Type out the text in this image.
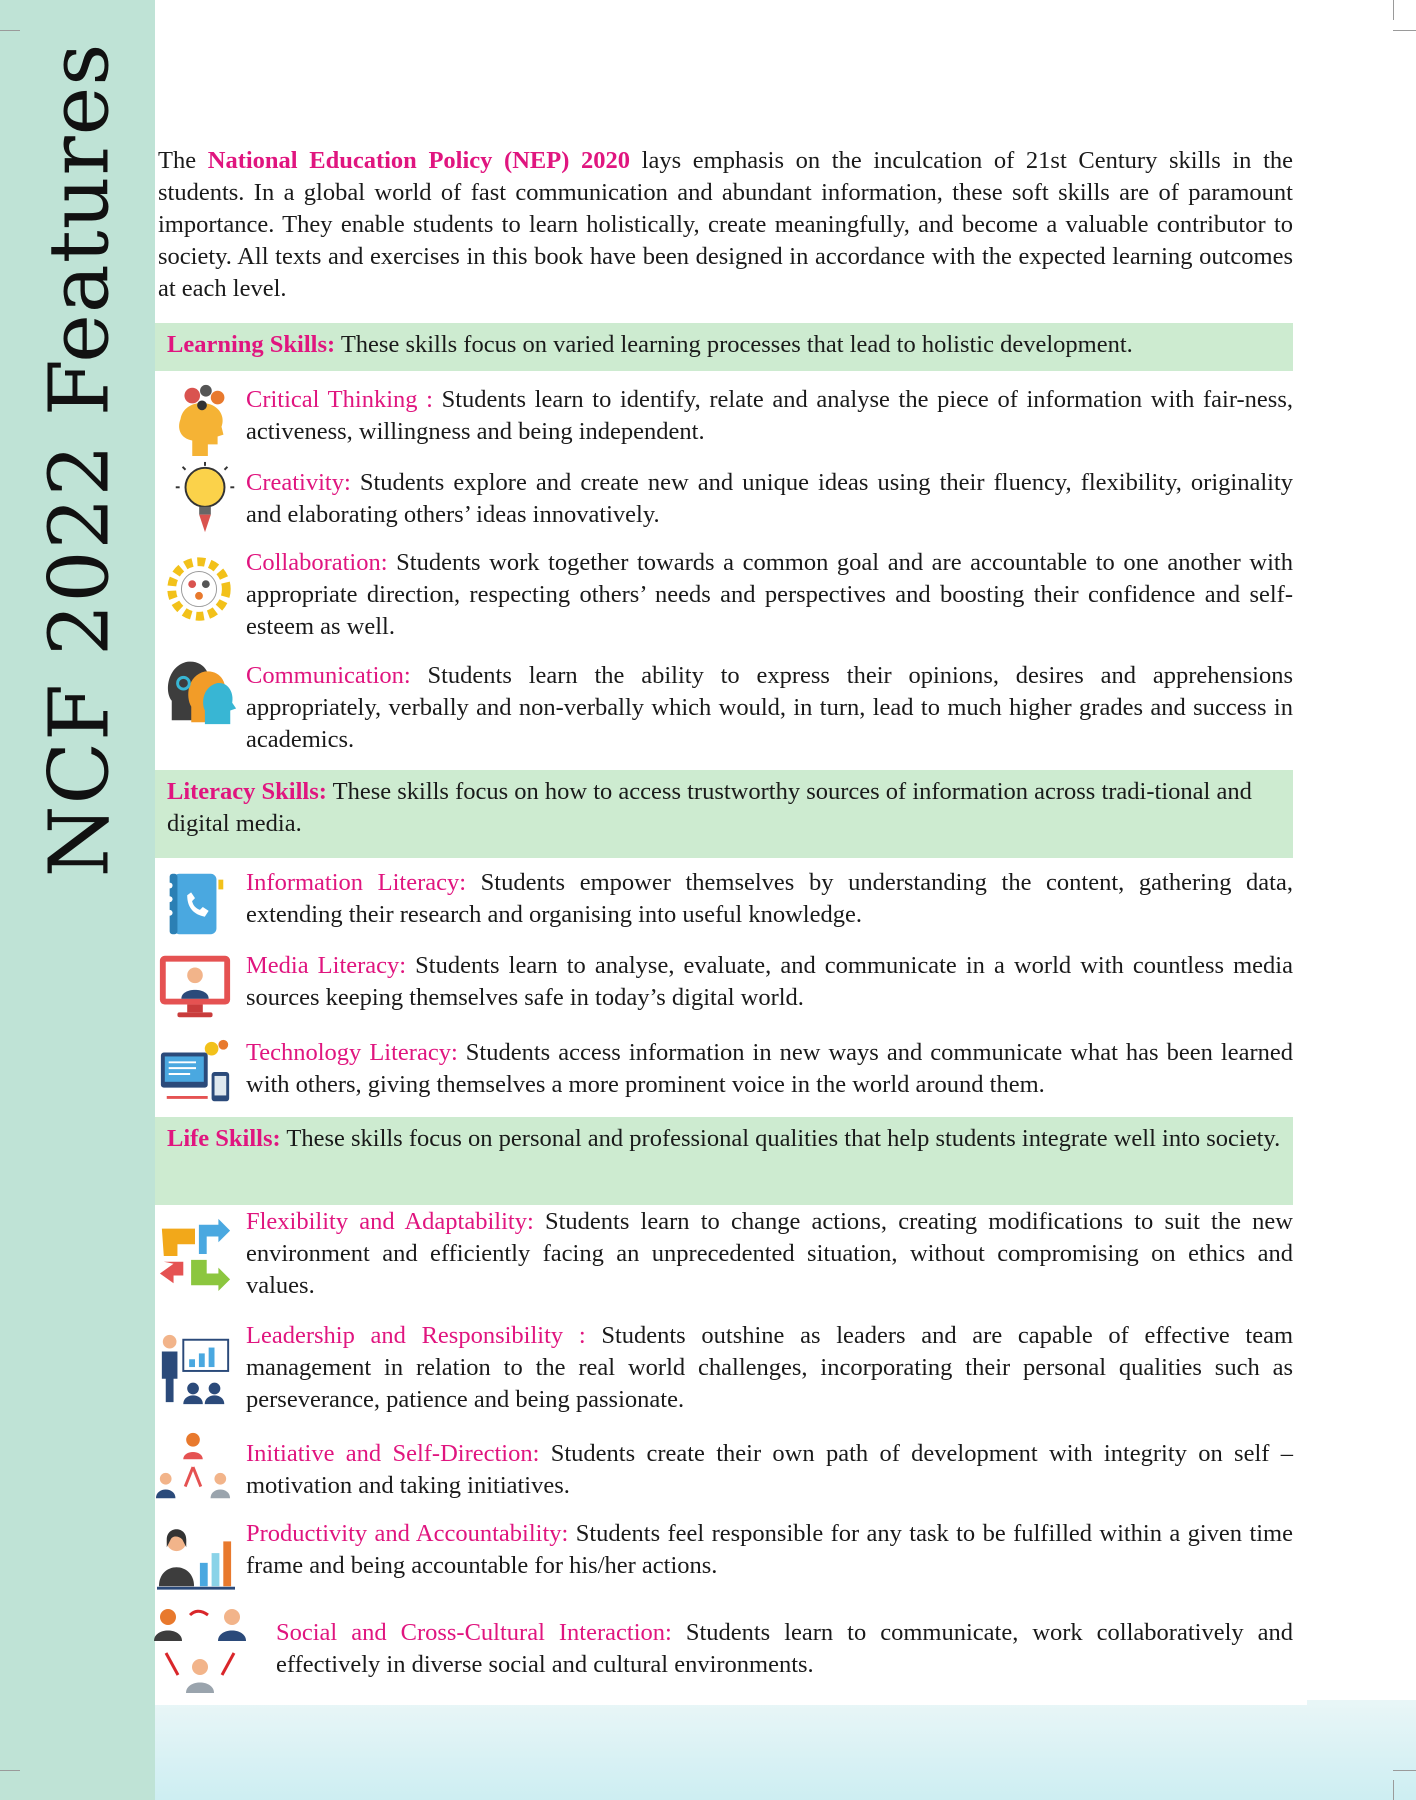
NCF 2022 Features The National Education Policy (NEP) 2020 lays emphasis on the inculcation of 21st Century skills in the students. In a global world of fast communication and abundant information, these soft skills are of paramount importance. They enable students to learn holistically, create meaningfully, and become a valuable contributor to society. All texts and exercises in this book have been designed in accordance with the expected learning outcomes at each level.

Learning Skills: These skills focus on varied learning processes that lead to holistic development.
Critical Thinking : Students learn to identify, relate and analyse the piece of information with fair-ness, activeness, willingness and being independent.
Creativity: Students explore and create new and unique ideas using their fluency, flexibility, originality and elaborating others’ ideas innovatively.
Collaboration: Students work together towards a common goal and are accountable to one another with appropriate direction, respecting others’ needs and perspectives and boosting their confidence and self-esteem as well.
Communication: Students learn the ability to express their opinions, desires and apprehensions appropriately, verbally and non-verbally which would, in turn, lead to much higher grades and success in academics.
Literacy Skills: These skills focus on how to access trustworthy sources of information across tradi-tional and digital media.
Information Literacy: Students empower themselves by understanding the content, gathering data, extending their research and organising into useful knowledge.
Media Literacy: Students learn to analyse, evaluate, and communicate in a world with countless media sources keeping themselves safe in today’s digital world.
Technology Literacy: Students access information in new ways and communicate what has been learned with others, giving themselves a more prominent voice in the world around them.
Life Skills: These skills focus on personal and professional qualities that help students integrate well into society.
Flexibility and Adaptability: Students learn to change actions, creating modifications to suit the new environment and efficiently facing an unprecedented situation, without compromising on ethics and values.
Leadership and Responsibility : Students outshine as leaders and are capable of effective team management in relation to the real world challenges, incorporating their personal qualities such as perseverance, patience and being passionate.
Initiative and Self-Direction: Students create their own path of development with integrity on self – motivation and taking initiatives.
Productivity and Accountability: Students feel responsible for any task to be fulfilled within a given time frame and being accountable for his/her actions.
Social and Cross-Cultural Interaction: Students learn to communicate, work collaboratively and effectively in diverse social and cultural environments.
